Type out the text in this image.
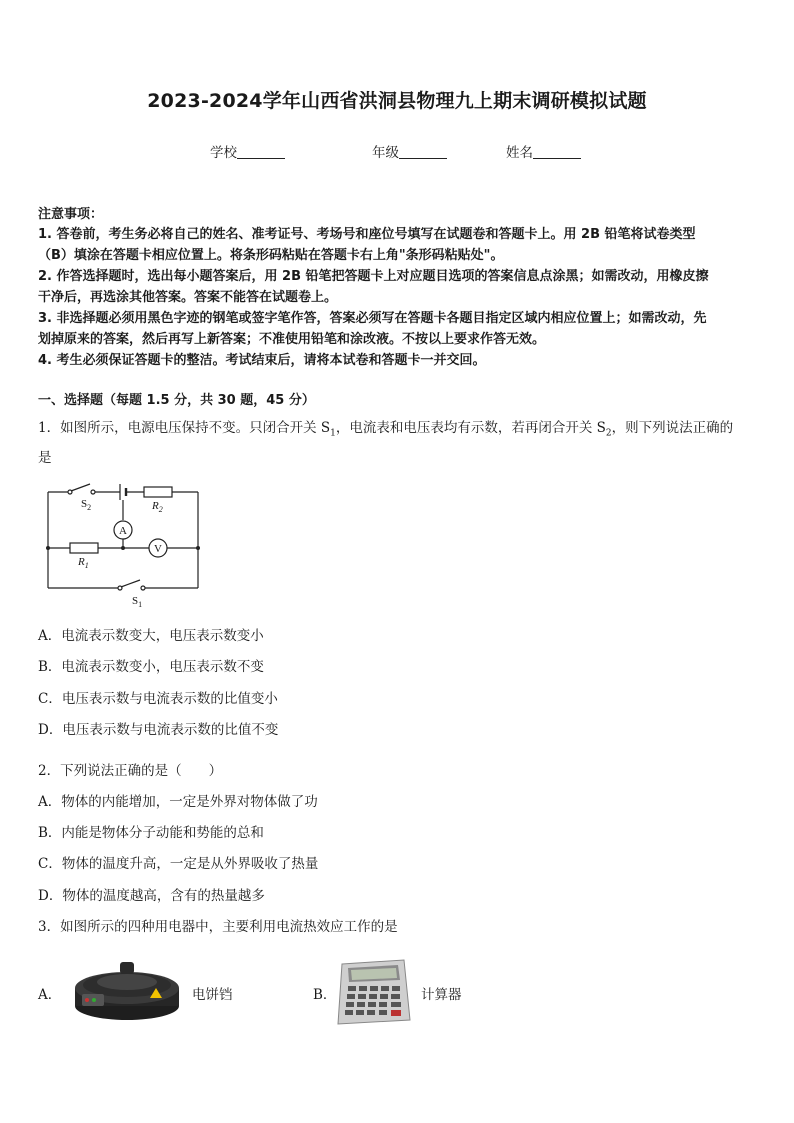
2023-2024学年山西省洪洞县物理九上期末调研模拟试题
学校	年级	姓名
注意事项：
1. 答卷前，考生务必将自己的姓名、准考证号、考场号和座位号填写在试题卷和答题卡上。用 2B 铅笔将试卷类型
（B）填涂在答题卡相应位置上。将条形码粘贴在答题卡右上角"条形码粘贴处"。
2. 作答选择题时，选出每小题答案后，用 2B 铅笔把答题卡上对应题目选项的答案信息点涂黑；如需改动，用橡皮擦
干净后，再选涂其他答案。答案不能答在试题卷上。
3. 非选择题必须用黑色字迹的钢笔或签字笔作答，答案必须写在答题卡各题目指定区域内相应位置上；如需改动，先
划掉原来的答案，然后再写上新答案；不准使用铅笔和涂改液。不按以上要求作答无效。
4. 考生必须保证答题卡的整洁。考试结束后，请将本试卷和答题卡一并交回。
一、选择题（每题 1.5 分，共 30 题，45 分）
1．如图所示，电源电压保持不变。只闭合开关 $S_1$，电流表和电压表均有示数，若再闭合开关 $S_2$，则下列说法正确的
是
$S_2$	$R_2$
A
V
$R_1$
$S_1$
A．电流表示数变大，电压表示数变小
B．电流表示数变小，电压表示数不变
C．电压表示数与电流表示数的比值变小
D．电压表示数与电流表示数的比值不变
2．下列说法正确的是（　　）
A．物体的内能增加，一定是外界对物体做了功
B．内能是物体分子动能和势能的总和
C．物体的温度升高，一定是从外界吸收了热量
D．物体的温度越高，含有的热量越多
3．如图所示的四种用电器中，主要利用电流热效应工作的是
A．	电饼铛	B．	计算器
